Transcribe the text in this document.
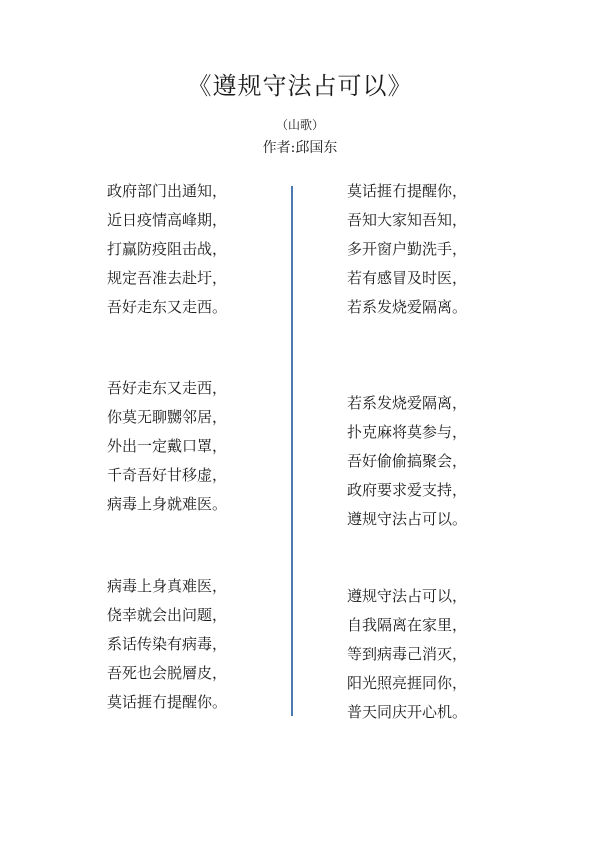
《遵规守法占可以》
（山歌）
作者:邱国东
政府部门出通知，
近日疫情高峰期，
打赢防疫阻击战，
规定吾准去赴圩，
吾好走东又走西。
吾好走东又走西，
你莫无聊嬲邻居，
外出一定戴口罩，
千奇吾好甘移虚，
病毒上身就难医。
病毒上身真难医，
侥幸就会出问题，
系话传染有病毒，
吾死也会脱層皮，
莫话捱冇提醒你。
莫话捱冇提醒你，
吾知大家知吾知，
多开窗户勤洗手，
若有感冒及时医，
若系发烧爱隔离。
若系发烧爱隔离，
扑克麻将莫参与，
吾好偷偷搞聚会，
政府要求爱支持，
遵规守法占可以。
遵规守法占可以，
自我隔离在家里，
等到病毒己消灭，
阳光照亮捱同你，
普天同庆开心机。
